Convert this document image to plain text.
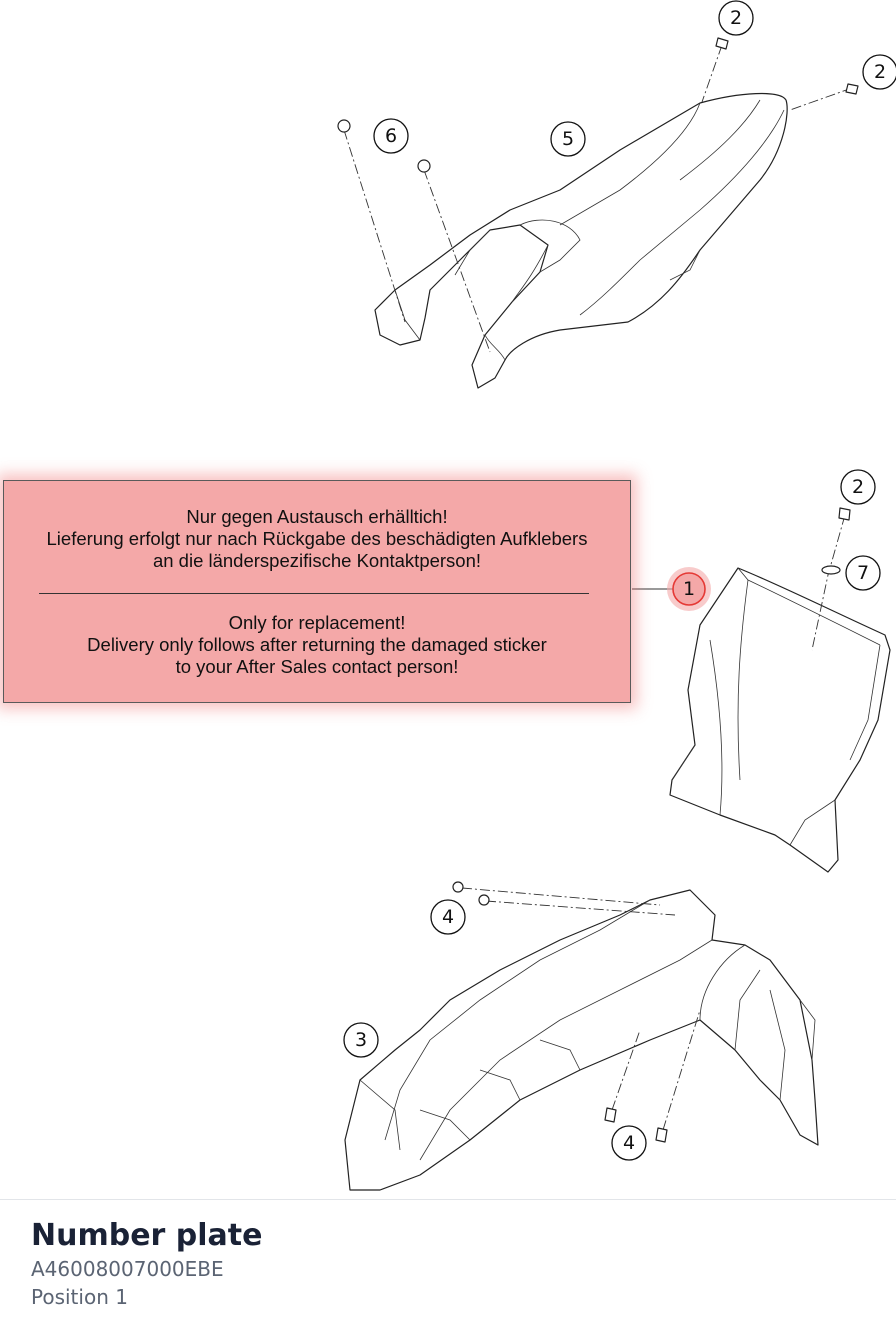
2
2
6	5
2
1
7
4
3
4
Nur gegen Austausch erhälltich!
Lieferung erfolgt nur nach Rückgabe des beschädigten Aufklebers
an die länderspezifische Kontaktperson!
Only for replacement!
Delivery only follows after returning the damaged sticker
to your After Sales contact person!
Number plate
A46008007000EBE
Position 1
